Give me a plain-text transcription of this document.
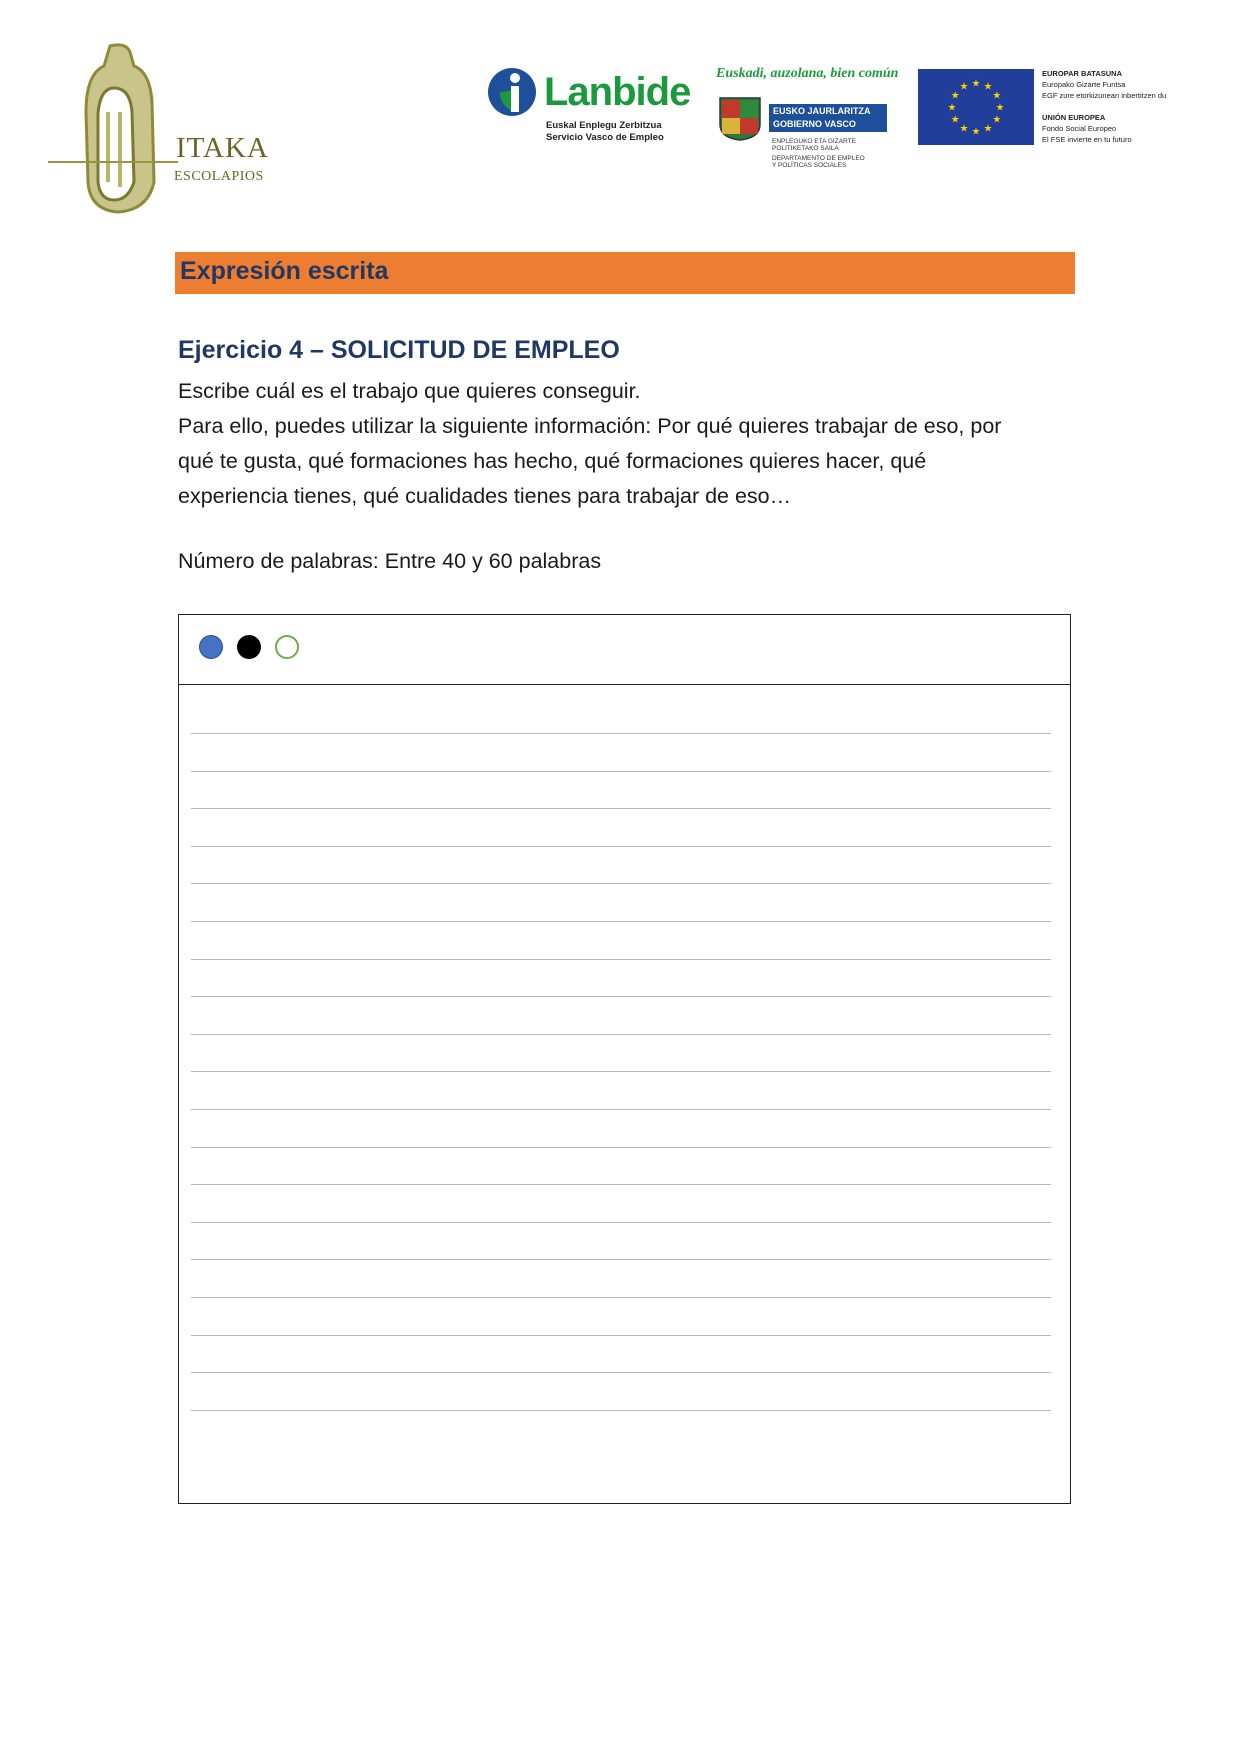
ITAKA
ESCOLAPIOS
Lanbide
Euskal Enplegu Zerbitzua
Servicio Vasco de Empleo
Euskadi, auzolana, bien común
EUSKO JAURLARITZA
GOBIERNO VASCO
ENPLEGUKO ETA GIZARTE
POLITIKETAKO SAILA
DEPARTAMENTO DE EMPLEO
Y POLÍTICAS SOCIALES
★ ★
★
★
★
★
★
★
★
★
★
★
EUROPAR BATASUNA
Europako Gizarte Funtsa
EGF zure etorkizunean inbertitzen du
UNIÓN EUROPEA
Fondo Social Europeo
El FSE invierte en tu futuro
Expresión escrita
Ejercicio 4 – SOLICITUD DE EMPLEO
Escribe cuál es el trabajo que quieres conseguir.
Para ello, puedes utilizar la siguiente información: Por qué quieres trabajar de eso, por
qué te gusta, qué formaciones has hecho, qué formaciones quieres hacer, qué
experiencia tienes, qué cualidades tienes para trabajar de eso…
Número de palabras: Entre 40 y 60 palabras
